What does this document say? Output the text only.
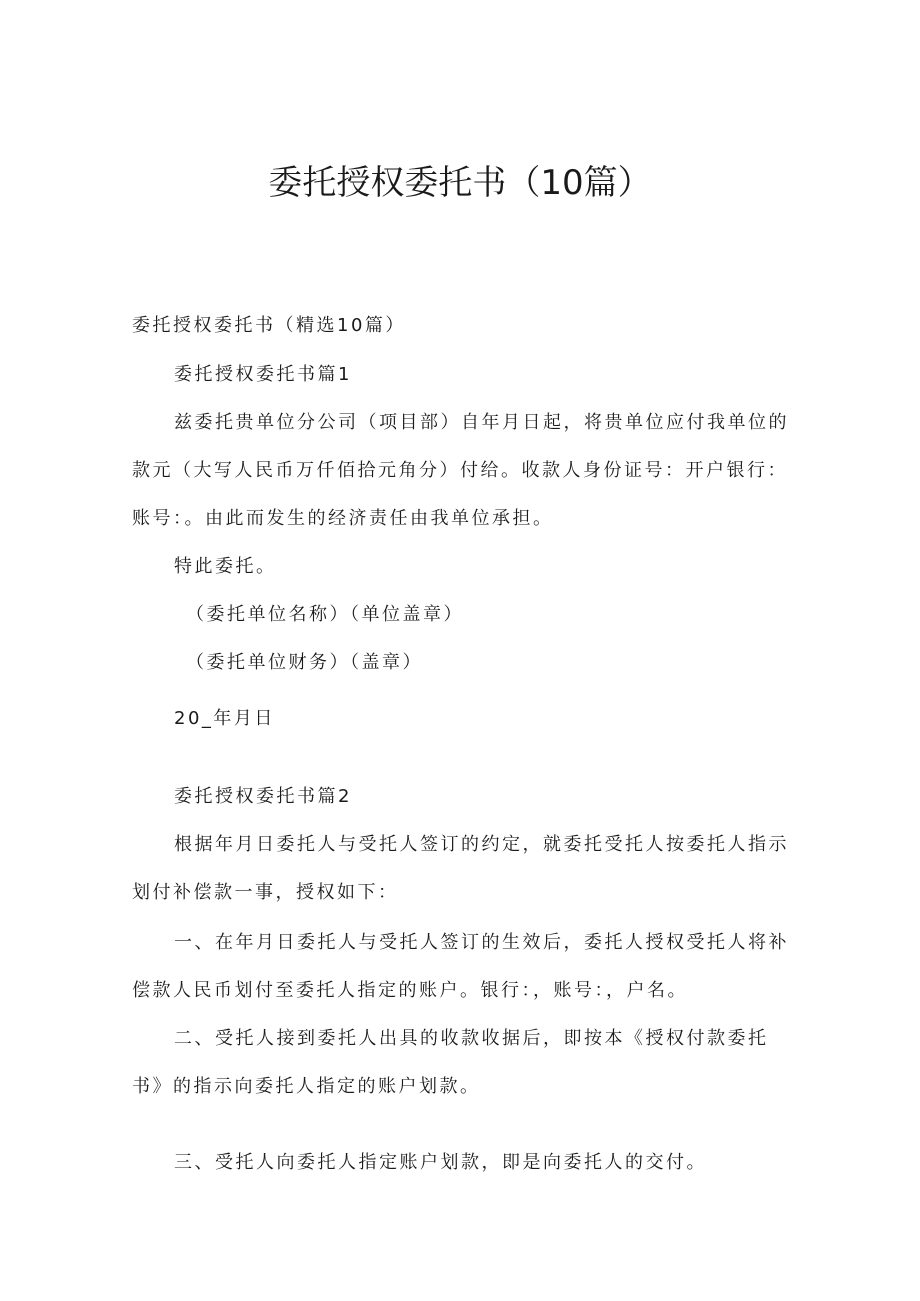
委托授权委托书（10篇）
委托授权委托书（精选10篇）
委托授权委托书篇1
兹委托贵单位分公司（项目部）自年月日起，将贵单位应付我单位的
款元（大写人民币万仟佰拾元角分）付给。收款人身份证号：开户银行：
账号：。由此而发生的经济责任由我单位承担。
特此委托。
（委托单位名称）（单位盖章）
（委托单位财务）（盖章）
20_年月日
委托授权委托书篇2
根据年月日委托人与受托人签订的约定，就委托受托人按委托人指示
划付补偿款一事，授权如下：
一、在年月日委托人与受托人签订的生效后，委托人授权受托人将补
偿款人民币划付至委托人指定的账户。银行：，账号：，户名。
二、受托人接到委托人出具的收款收据后，即按本《授权付款委托
书》的指示向委托人指定的账户划款。
三、受托人向委托人指定账户划款，即是向委托人的交付。
